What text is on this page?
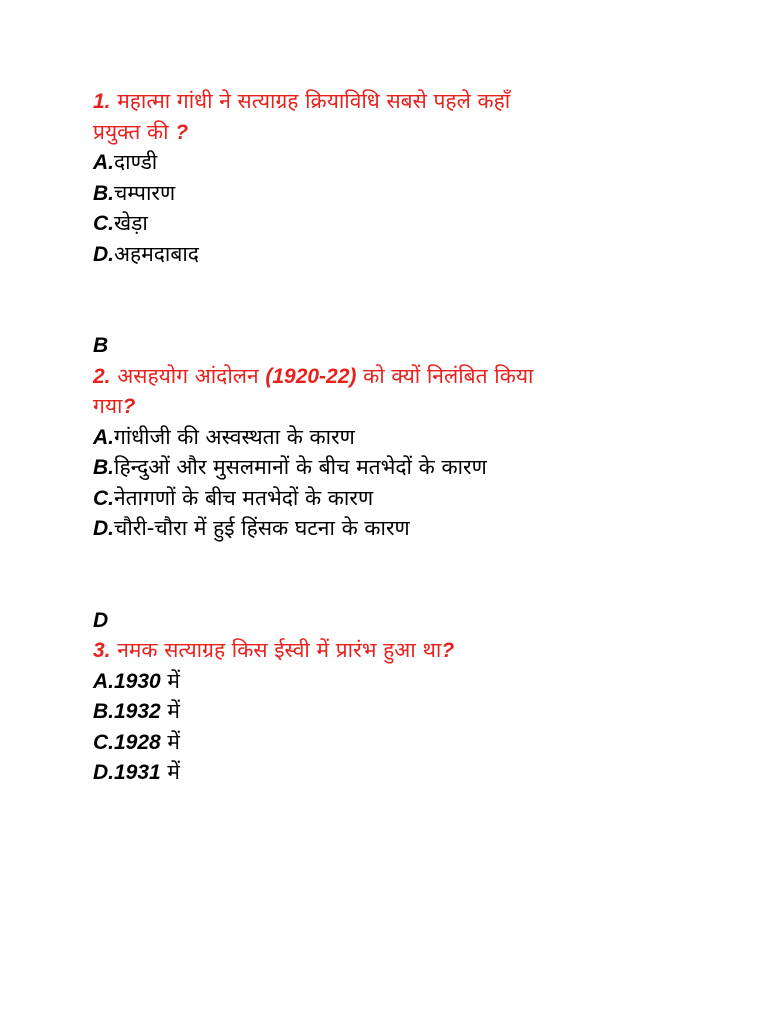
1. महात्मा गांधी ने सत्याग्रह क्रियाविधि सबसे पहले कहाँ
प्रयुक्त की ?
A.दाण्डी
B.चम्पारण
C.खेड़ा
D.अहमदाबाद
B
2. असहयोग आंदोलन (1920-22) को क्यों निलंबित किया
गया?
A.गांधीजी की अस्वस्थता के कारण
B.हिन्दुओं और मुसलमानों के बीच मतभेदों के कारण
C.नेतागणों के बीच मतभेदों के कारण
D.चौरी-चौरा में हुई हिंसक घटना के कारण
D
3. नमक सत्याग्रह किस ईस्वी में प्रारंभ हुआ था?
A.1930 में
B.1932 में
C.1928 में
D.1931 में
